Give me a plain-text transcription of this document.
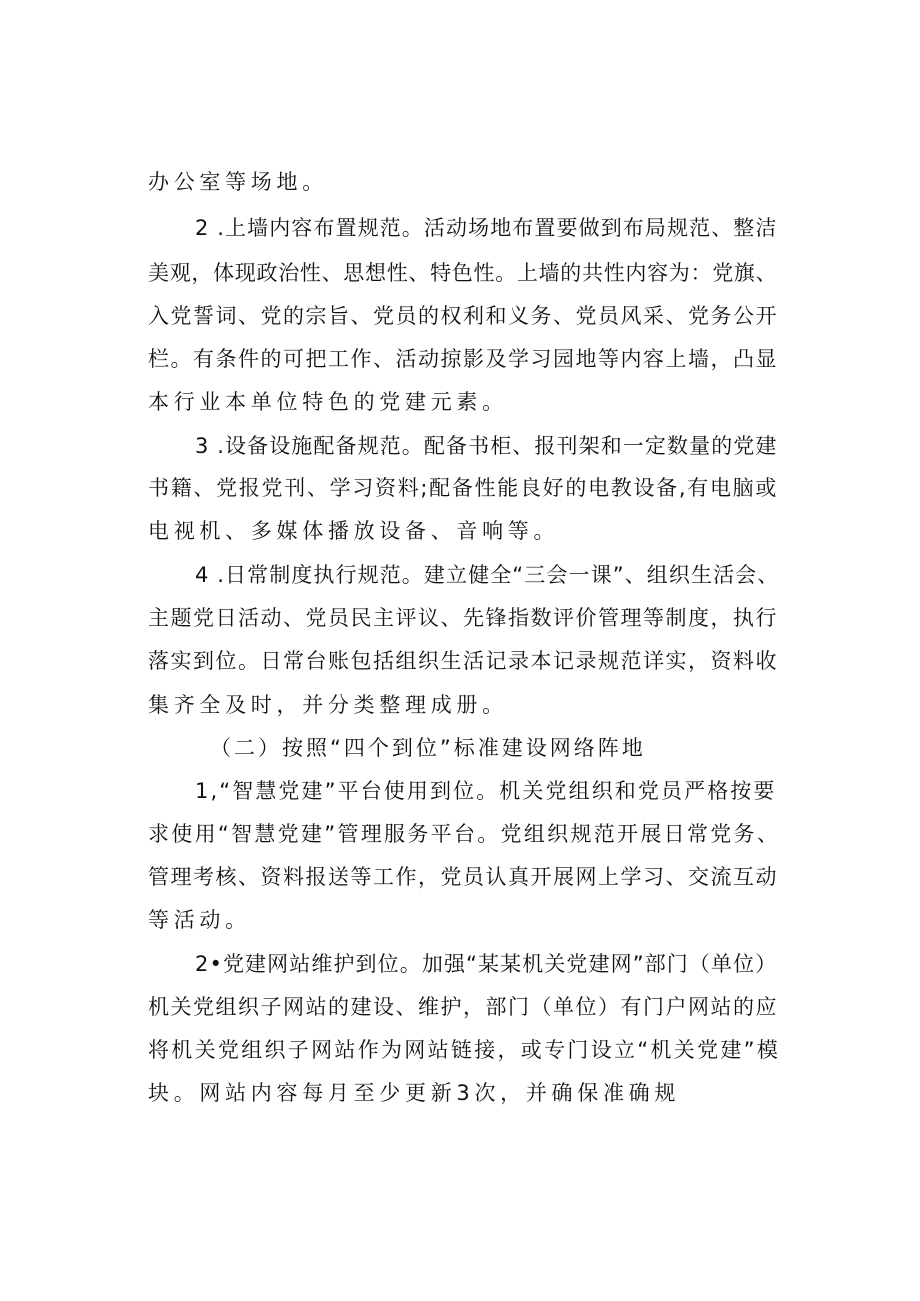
办公室等场地。
2 .上墙内容布置规范。活动场地布置要做到布局规范、整洁
美观，体现政治性、思想性、特色性。上墙的共性内容为：党旗、
入党誓词、党的宗旨、党员的权利和义务、党员风采、党务公开
栏。有条件的可把工作、活动掠影及学习园地等内容上墙，凸显
本行业本单位特色的党建元素。
3 .设备设施配备规范。配备书柜、报刊架和一定数量的党建
书籍、党报党刊、学习资料;配备性能良好的电教设备,有电脑或
电视机、多媒体播放设备、音响等。
4 .日常制度执行规范。建立健全“三会一课”、组织生活会、
主题党日活动、党员民主评议、先锋指数评价管理等制度，执行
落实到位。日常台账包括组织生活记录本记录规范详实，资料收
集齐全及时，并分类整理成册。
（二）按照“四个到位”标准建设网络阵地
1,“智慧党建”平台使用到位。机关党组织和党员严格按要
求使用“智慧党建”管理服务平台。党组织规范开展日常党务、
管理考核、资料报送等工作，党员认真开展网上学习、交流互动
等活动。
2•党建网站维护到位。加强“某某机关党建网”部门（单位）
机关党组织子网站的建设、维护，部门（单位）有门户网站的应
将机关党组织子网站作为网站链接，或专门设立“机关党建”模
块。网站内容每月至少更新3次，并确保准确规
